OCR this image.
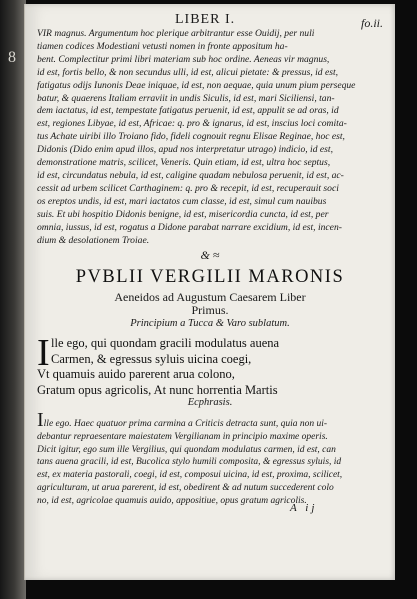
8
LIBER I.	fo.ii.
VIR magnus. Argumentum hoc plerique arbitrantur esse Ouidij, per nuli
tiamen codices Modestiani vetusti nomen in fronte appositum ha-
bent. Complectitur primi libri materiam sub hoc ordine. Aeneas vir magnus,
id est, fortis bello, & non secundus ulli, id est, alicui pietate: & pressus, id est,
fatigatus odijs Iunonis Deae iniquae, id est, non aequae, quia unum pium perseque
batur, & quaerens Italiam erraviit in undis Siculis, id est, mari Siciliensi, tan-
dem iactatus, id est, tempestate fatigatus peruenit, id est, appulit se ad oras, id
est, regiones Libyae, id est, Africae: q. pro & ignarus, id est, inscius loci comita-
tus Achate uiribi illo Troiano fido, fideli cognouit regnu Elisae Reginae, hoc est,
Didonis (Dido enim apud illos, apud nos interpretatur utrago) indicio, id est,
demonstratione matris, scilicet, Veneris. Quin etiam, id est, ultra hoc septus,
id est, circundatus nebula, id est, caligine quadam nebulosa peruenit, id est, ac-
cessit ad urbem scilicet Carthaginem: q. pro & recepit, id est, recuperauit soci
os ereptos undis, id est, mari iactatos cum classe, id est, simul cum nauibus
suis. Et ubi hospitio Didonis benigne, id est, misericordia cuncta, id est, per
omnia, iussus, id est, rogatus a Didone parabat narrare excidium, id est, incen-
dium & desolationem Troiae.
& ≈
PVBLII VERGILII MARONIS
Aeneidos ad Augustum Caesarem Liber
Primus.
Principium a Tucca & Varo sublatum.
I lle ego, qui quondam gracili modulatus auena
Carmen, & egressus syluis uicina coegi,
Vt quamuis auido parerent arua colono,
Gratum opus agricolis, At nunc horrentia Martis
Ecphrasis.
Ille ego. Haec quatuor prima carmina a Criticis detracta sunt, quia non ui-
debantur repraesentare maiestatem Vergilianam in principio maxime operis.
Dicit igitur, ego sum ille Vergilius, qui quondam modulatus carmen, id est, can
tans auena gracili, id est, Bucolica stylo humili composita, & egressus syluis, id
est, ex materia pastorali, coegi, id est, composui uicina, id est, proxima, scilicet,
agriculturam, ut arua parerent, id est, obedirent & ad nutum succederent colo
no, id est, agricolae quamuis auido, appositiue, opus gratum agricolis.
A ij
